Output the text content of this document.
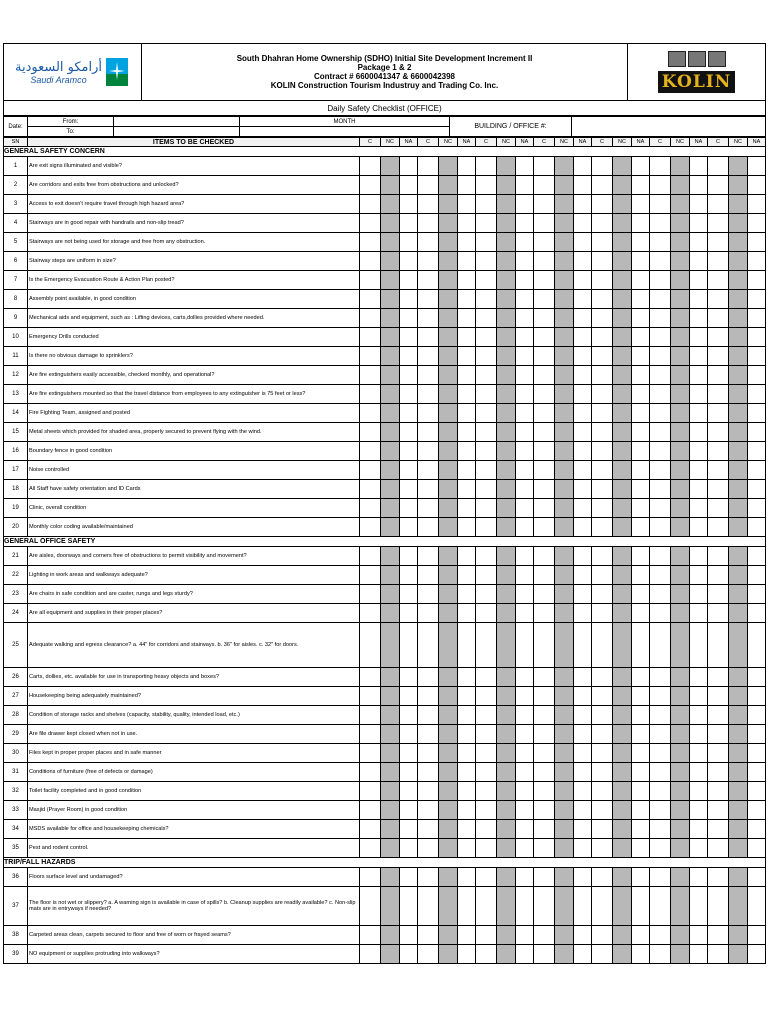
أرامكو السعودية
Saudi Aramco

South Dhahran Home Ownership (SDHO) Initial Site Development Increment II
Package 1 & 2
Contract # 6600041347 & 6600042398
KOLIN Construction Tourism Industruy and Trading Co. Inc.	KOLIN
Daily Safety Checklist (OFFICE)
Date:	From:		MONTH	BUILDING / OFFICE #:	
	To:				
SN	ITEMS TO BE CHECKED	C	NC	NA	C	NC	NA	C	NC	NA	C	NC	NA	C	NC	NA	C	NC	NA	C	NC	NA
GENERAL SAFETY CONCERN																						
1	Are exit signs illuminated and visible?																					
2	Are corridors and exits free from obstructions and unlocked?																					
3	Access to exit doesn't require travel through high hazard area?																					
4	Stairways are in good repair with handrails and non-slip tread?																					
5	Stairways are not being used for storage and free from any obstruction.																					
6	Stairway steps are uniform in size?																					
7	Is the Emergency Evacuation Route & Action Plan posted?																					
8	Assembly point available, in good condition																					
9	Mechanical aids and equipment, such as : Lifting devices, carts,dollies provided where needed.																					
10	Emergency Drills conducted																					
11	Is there no obvious damage to sprinklers?																					
12	Are fire extinguishers easily accessible, checked monthly, and operational?																					
13	Are fire extinguishers mounted so that the travel distance from employees to any extinguisher is 75 feet or less?																					
14	Fire Fighting Team, assigned and posted																					
15	Metal sheets which provided for shaded area, properly secured to prevent flying with the wind.																					
16	Boundary fence in good condition																					
17	Noise controlled																					
18	All Staff have safety orientation and ID Cards																					
19	Clinic, overall condition																					
20	Monthly color coding available/maintained																					
GENERAL OFFICE SAFETY																						
21	Are aisles, doorways and corners free of obstructions to permit visibility and movement?																					
22	Lighting in work areas and walkways adequate?																					
23	Are chairs in safe condition and are caster, rungs and legs sturdy?																					
24	Are all equipment and supplies in their proper places?																					
25	Adequate walking and egress clearance? a. 44" for corridors and stairways. b. 36" for aisles. c. 32" for doors.																					
26	Carts, dollies, etc. available for use in transporting heavy objects and boxes?																					
27	Housekeeping being adequately maintained?																					
28	Condition of storage racks and shelves (capacity, stability, quality, intended load, etc.)																					
29	Are file drawer kept closed when not in use.																					
30	Files kept in proper proper places and in safe manner																					
31	Conditions of furniture (free of defects or damage)																					
32	Toilet facility completed and in good condition																					
33	Masjid (Prayer Room) in good condition																					
34	MSDS available for office and housekeeping chemicals?																					
35	Pest and rodent control.																					
TRIP/FALL HAZARDS																						
36	Floors surface level and undamaged?																					
37	The floor is not wet or slippery? a. A warning sign is available in case of spills? b. Cleanup supplies are readily available? c. Non-slip mats are in entryways if needed?																					
38	Carpeted areas clean, carpets secured to floor and free of worn or frayed seams?																					
39	NO equipment or supplies protruding into walkways?																					
